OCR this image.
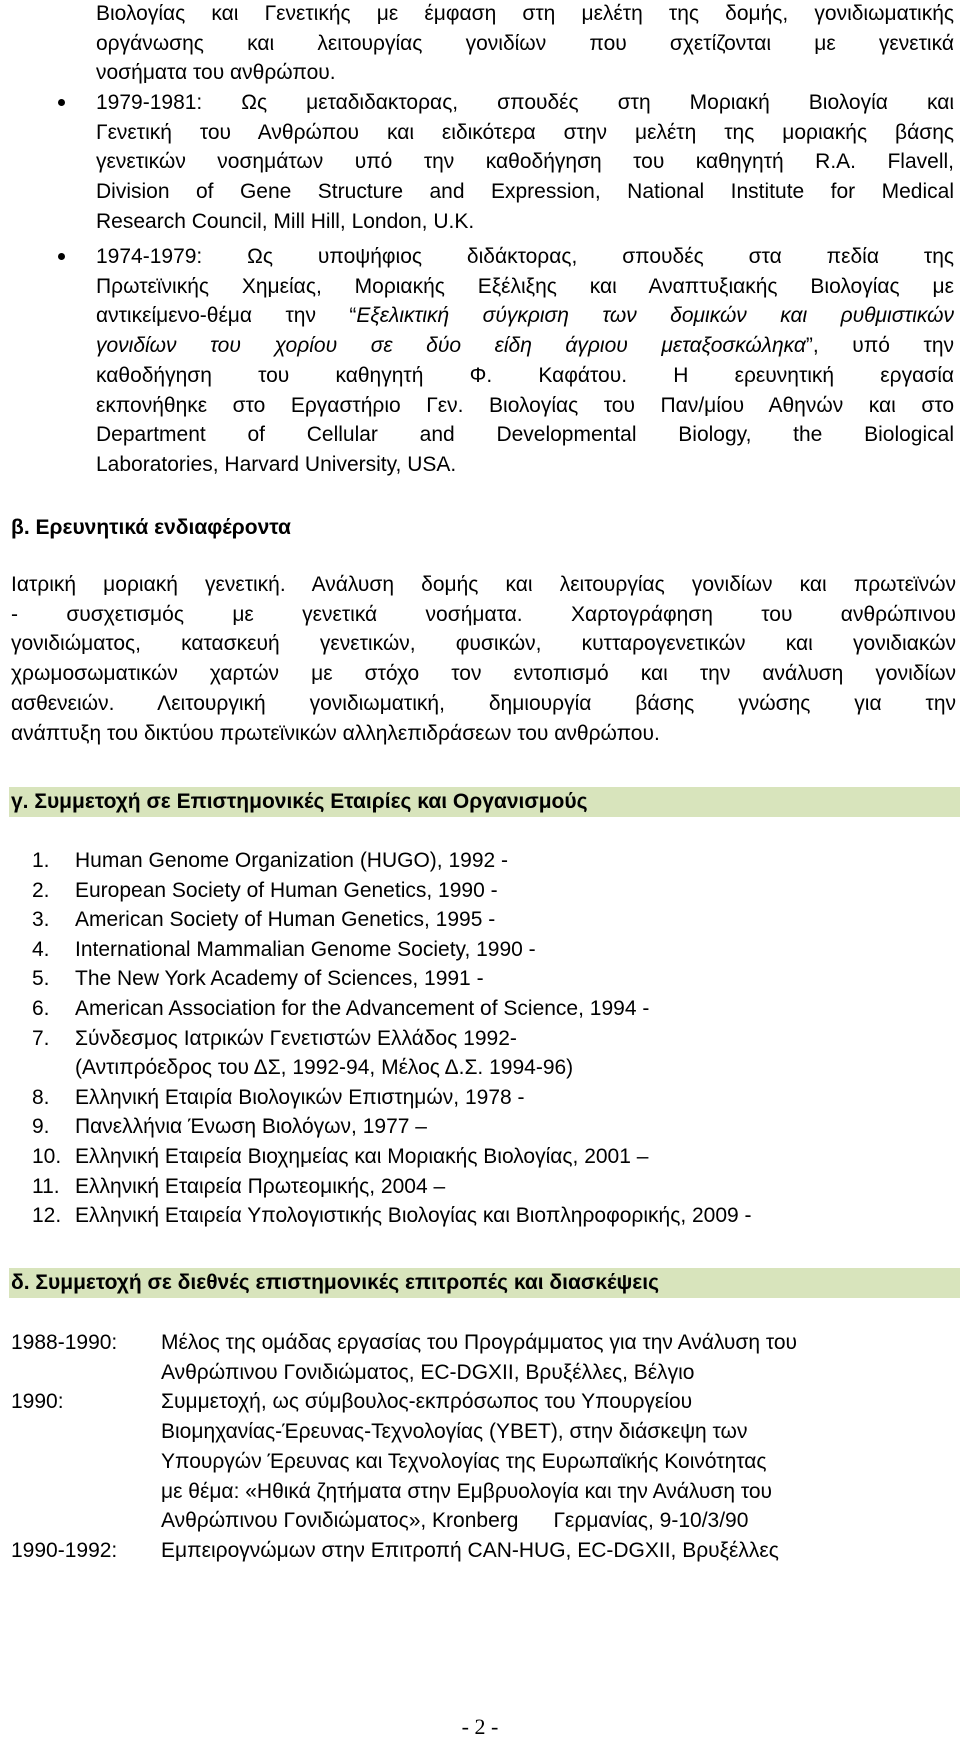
Βιολογίας και Γενετικής με έμφαση στη μελέτη της δομής, γονιδιωματικής
οργάνωσης και λειτουργίας γονιδίων που σχετίζονται με γενετικά
νοσήματα του ανθρώπου.
1979-1981: Ως μεταδιδακτορας, σπουδές στη Μοριακή Βιολογία και
Γενετική του Ανθρώπου και ειδικότερα στην μελέτη της μοριακής βάσης
γενετικών νοσημάτων υπό την καθοδήγηση του καθηγητή R.A. Flavell,
Division of Gene Structure and Expression, National Institute for Medical
Research Council, Mill Hill, London, U.K.
1974-1979: Ως υποψήφιος διδάκτορας, σπουδές στα πεδία της
Πρωτεϊνικής Χημείας, Μοριακής Εξέλιξης και Αναπτυξιακής Βιολογίας με
αντικείμενο-θέμα την “Εξελικτική σύγκριση των δομικών και ρυθμιστικών
γονιδίων του χορίου σε δύο είδη άγριου μεταξοσκώληκα”, υπό την
καθοδήγηση του καθηγητή Φ. Καφάτου. Η ερευνητική εργασία
εκπονήθηκε στο Εργαστήριο Γεν. Βιολογίας του Παν/μίου Αθηνών και στο
Department of Cellular and Developmental Biology, the Biological
Laboratories, Harvard University, USA.
β. Ερευνητικά ενδιαφέροντα
Ιατρική μοριακή γενετική. Ανάλυση δομής και λειτουργίας γονιδίων και πρωτεϊνών
- συσχετισμός με γενετικά νοσήματα. Χαρτογράφηση του ανθρώπινου
γονιδιώματος, κατασκευή γενετικών, φυσικών, κυτταρογενετικών και γονιδιακών
χρωμοσωματικών χαρτών με στόχο τον εντοπισμό και την ανάλυση γονιδίων
ασθενειών. Λειτουργική γονιδιωματική, δημιουργία βάσης γνώσης για την
ανάπτυξη του δικτύου πρωτεϊνικών αλληλεπιδράσεων του ανθρώπου.
γ. Συμμετοχή σε Επιστημονικές Εταιρίες και Οργανισμούς
1.	Human Genome Organization (HUGO), 1992 -
2.	European Society of Human Genetics, 1990 -
3.	American Society of Human Genetics, 1995 -
4.	International Mammalian Genome Society, 1990 -
5.	The New York Academy of Sciences, 1991 -
6.	American Association for the Advancement of Science, 1994 -
7.	Σύνδεσμος Ιατρικών Γενετιστών Ελλάδος 1992-
(Αντιπρόεδρος του ΔΣ, 1992-94, Μέλος Δ.Σ. 1994-96)
8.	Ελληνική Εταιρία Βιολογικών Επιστημών, 1978 -
9.	Πανελλήνια Ένωση Βιολόγων, 1977 –
10. Ελληνική Εταιρεία Βιοχημείας και Μοριακής Βιολογίας, 2001 –
11. Ελληνική Εταιρεία Πρωτεομικής, 2004 –
12. Ελληνική Εταιρεία Υπολογιστικής Βιολογίας και Βιοπληροφορικής, 2009 -
δ. Συμμετοχή σε διεθνές επιστημονικές επιτροπές και διασκέψεις
1988-1990: Μέλος της ομάδας εργασίας του Προγράμματος για την Ανάλυση του
Ανθρώπινου Γονιδιώματος, EC-DGXII, Βρυξέλλες, Βέλγιο
1990:	Συμμετοχή, ως σύμβουλος-εκπρόσωπος του Υπουργείου
Βιομηχανίας-Έρευνας-Τεχνολογίας (ΥΒΕΤ), στην διάσκεψη των
Υπουργών Έρευνας και Τεχνολογίας της Ευρωπαϊκής Κοινότητας
με θέμα: «Ηθικά ζητήματα στην Εμβρυολογία και την Ανάλυση του
Ανθρώπινου Γονιδιώματος», Kronberg      Γερμανίας, 9-10/3/90
1990-1992: Εμπειρογνώμων στην Επιτροπή CAN-HUG, EC-DGXII, Βρυξέλλες
- 2 -
